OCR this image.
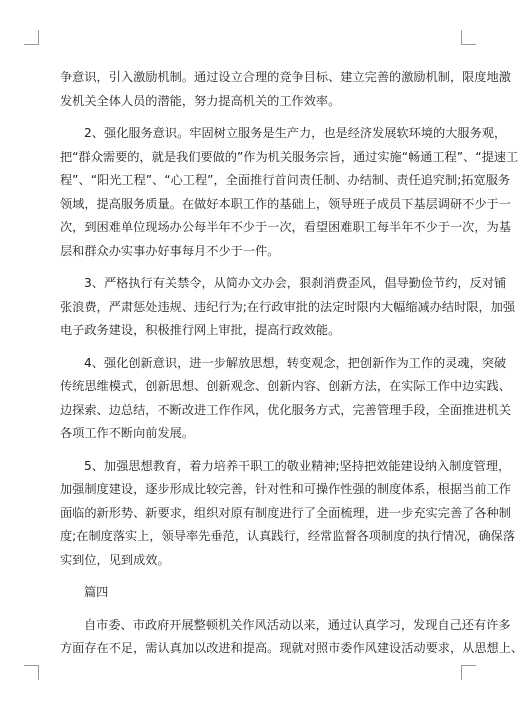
争意识，引入激励机制。通过设立合理的竞争目标、建立完善的激励机制，限度地激
发机关全体人员的潜能，努力提高机关的工作效率。
2、强化服务意识。牢固树立服务是生产力，也是经济发展软环境的大服务观，
把“群众需要的，就是我们要做的”作为机关服务宗旨，通过实施“畅通工程”、“提速工
程”、“阳光工程”、“心工程”，全面推行首问责任制、办结制、责任追究制;拓宽服务
领域，提高服务质量。在做好本职工作的基础上，领导班子成员下基层调研不少于一
次，到困难单位现场办公每半年不少于一次，看望困难职工每半年不少于一次，为基
层和群众办实事办好事每月不少于一件。
3、严格执行有关禁令，从简办文办会，狠刹消费歪风，倡导勤俭节约，反对铺
张浪费，严肃惩处违规、违纪行为;在行政审批的法定时限内大幅缩减办结时限，加强
电子政务建设，积极推行网上审批，提高行政效能。
4、强化创新意识，进一步解放思想，转变观念，把创新作为工作的灵魂，突破
传统思维模式，创新思想、创新观念、创新内容、创新方法，在实际工作中边实践、
边探索、边总结，不断改进工作作风，优化服务方式，完善管理手段，全面推进机关
各项工作不断向前发展。
5、加强思想教育，着力培养干职工的敬业精神;坚持把效能建设纳入制度管理，
加强制度建设，逐步形成比较完善，针对性和可操作性强的制度体系，根据当前工作
面临的新形势、新要求，组织对原有制度进行了全面梳理，进一步充实完善了各种制
度;在制度落实上，领导率先垂范，认真践行，经常监督各项制度的执行情况，确保落
实到位，见到成效。
篇四
自市委、市政府开展整顿机关作风活动以来，通过认真学习，发现自己还有许多
方面存在不足，需认真加以改进和提高。现就对照市委作风建设活动要求，从思想上、
